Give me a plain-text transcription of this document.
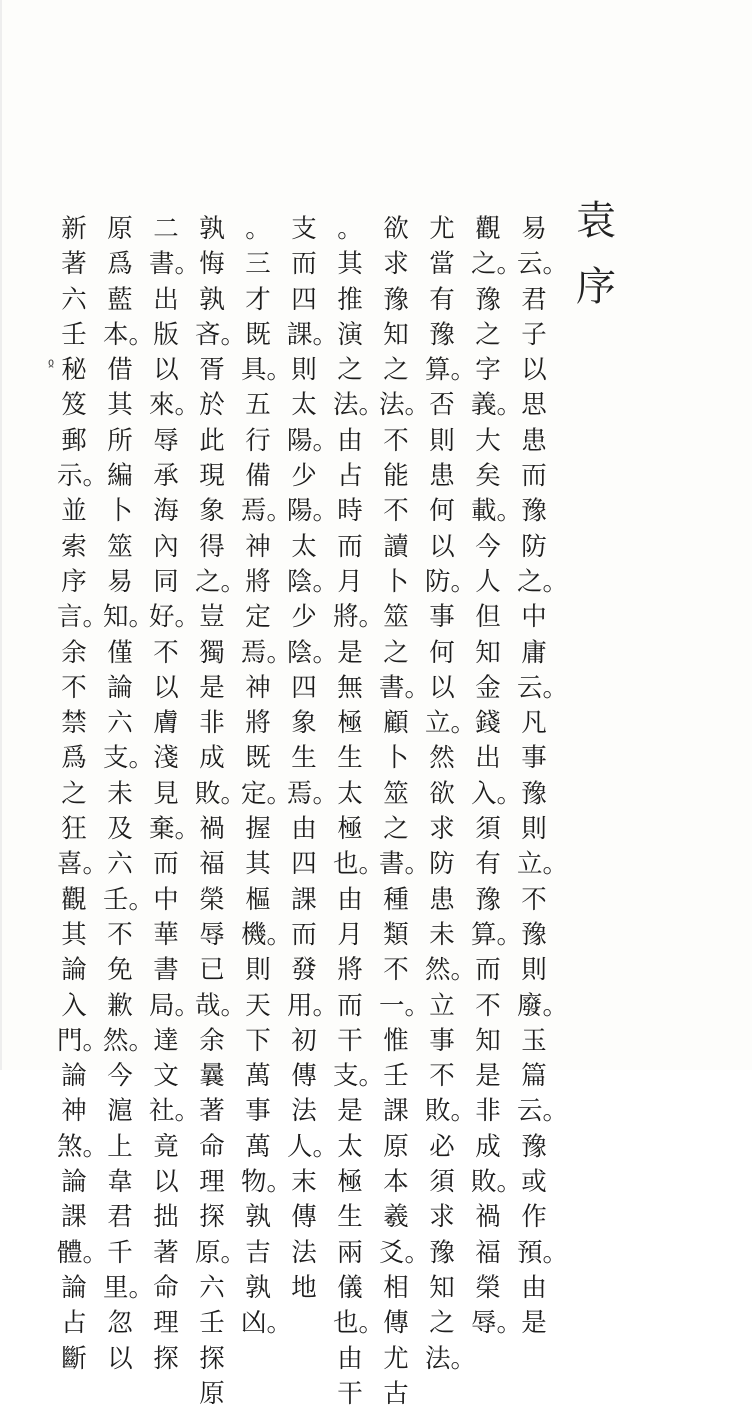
袁
序
易云。君子以思患而豫防之。中庸云。凡事豫則立。不豫則廢。玉篇云。豫或作預。由是
觀之。豫之字義。大矣載。今人但知金錢出入。須有豫算。而不知是非成敗。禍福榮辱。
尤當有豫算。否則患何以防。事何以立。然欲求防患未然。立事不敗。必須求豫知之法。
欲求豫知之法。不能不讀卜筮之書。顧卜筮之書。種類不一。惟壬課原本羲爻。相傳尤古
。其推演之法。由占時而月將。是無極生太極也。由月將而干支。是太極生兩儀也。由干
支而四課。則太陽。少陽。太陰。少陰。四象生焉。由四課而發用。初傳法人。末傳法地
。三才既具。五行備焉。神將定焉。神將既定。握其樞機。則天下萬事萬物。孰吉孰凶。
孰悔孰吝。胥於此現象得之。豈獨是非成敗。禍福榮辱已哉。余曩著命理探原。六壬探原
二書。出版以來。辱承海內同好。不以膚淺見棄。而中華書局。達文社。竟以拙著命理探
原爲藍本。借其所編卜筮易知。僅論六支。未及六壬。不免歉然。今滬上韋君千里。忽以
新著六壬秘笈郵示。並索序言。余不禁爲之狂喜。觀其論入門。論神煞。論課體。論占斷
ჲ
